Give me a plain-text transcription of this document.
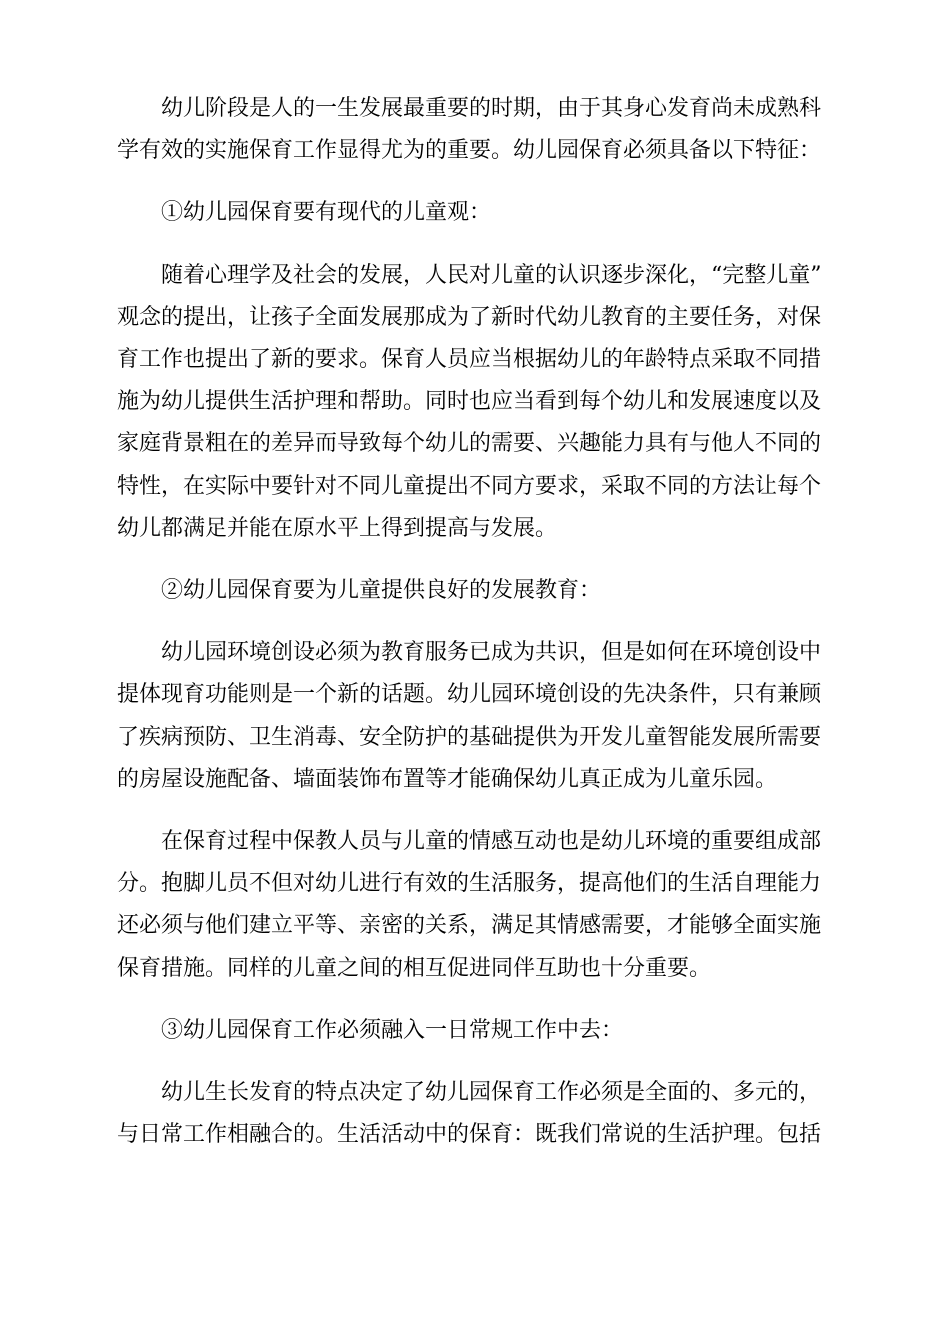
幼儿阶段是人的一生发展最重要的时期，由于其身心发育尚未成熟科
学有效的实施保育工作显得尤为的重要。幼儿园保育必须具备以下特征：

①幼儿园保育要有现代的儿童观：

随着心理学及社会的发展，人民对儿童的认识逐步深化，“完整儿童”
观念的提出，让孩子全面发展那成为了新时代幼儿教育的主要任务，对保
育工作也提出了新的要求。保育人员应当根据幼儿的年龄特点采取不同措
施为幼儿提供生活护理和帮助。同时也应当看到每个幼儿和发展速度以及
家庭背景粗在的差异而导致每个幼儿的需要、兴趣能力具有与他人不同的
特性，在实际中要针对不同儿童提出不同方要求，采取不同的方法让每个
幼儿都满足并能在原水平上得到提高与发展。

②幼儿园保育要为儿童提供良好的发展教育：

幼儿园环境创设必须为教育服务已成为共识，但是如何在环境创设中
提体现育功能则是一个新的话题。幼儿园环境创设的先决条件，只有兼顾
了疾病预防、卫生消毒、安全防护的基础提供为开发儿童智能发展所需要
的房屋设施配备、墙面装饰布置等才能确保幼儿真正成为儿童乐园。

在保育过程中保教人员与儿童的情感互动也是幼儿环境的重要组成部
分。抱脚儿员不但对幼儿进行有效的生活服务，提高他们的生活自理能力
还必须与他们建立平等、亲密的关系，满足其情感需要，才能够全面实施
保育措施。同样的儿童之间的相互促进同伴互助也十分重要。

③幼儿园保育工作必须融入一日常规工作中去：

幼儿生长发育的特点决定了幼儿园保育工作必须是全面的、多元的，
与日常工作相融合的。生活活动中的保育：既我们常说的生活护理。包括
